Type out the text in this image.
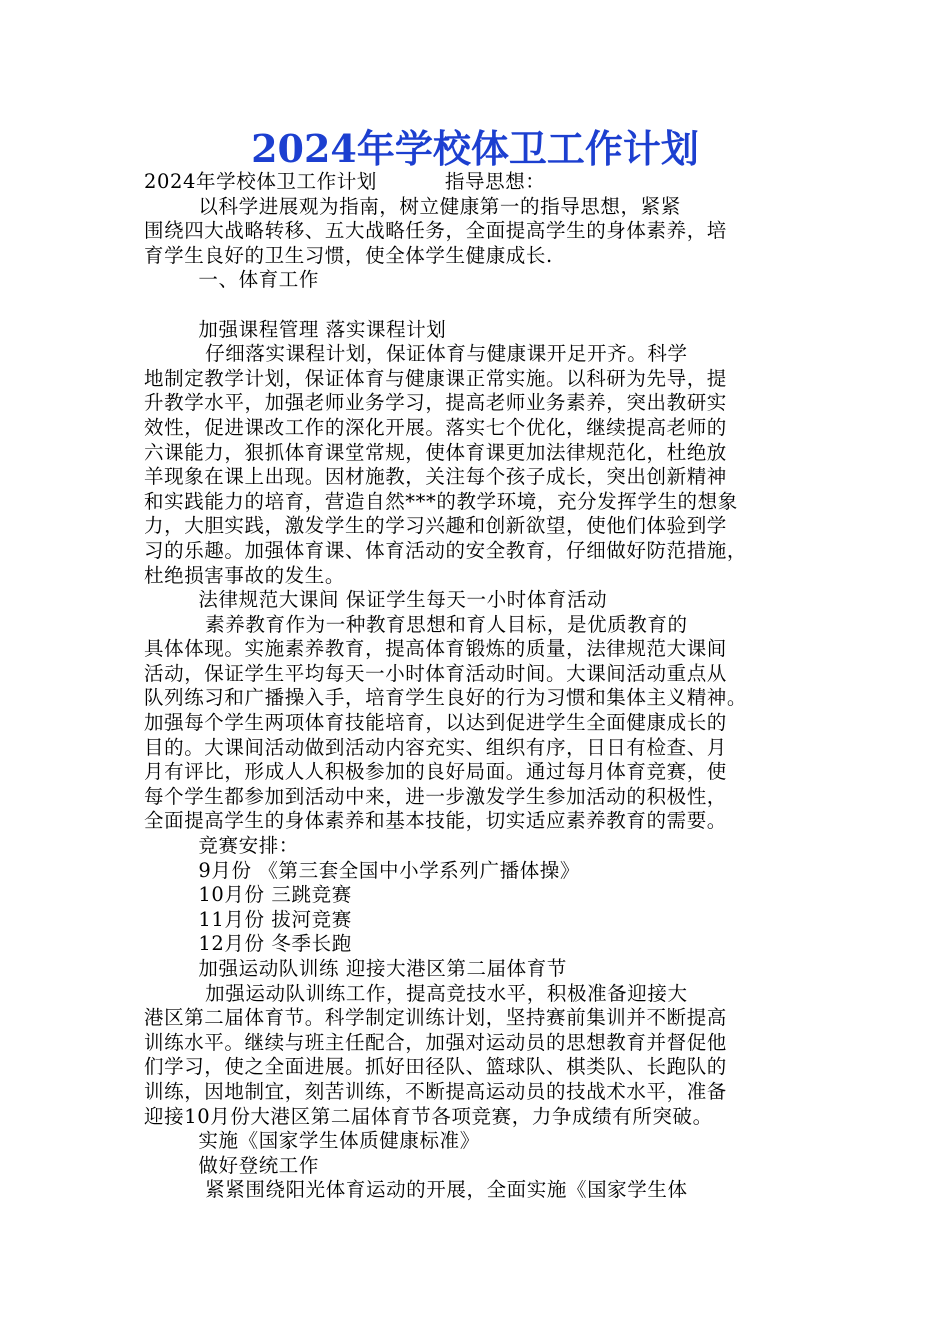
2024年学校体卫工作计划
2024年学校体卫工作计划          指导思想：
以科学进展观为指南，树立健康第一的指导思想，紧紧
围绕四大战略转移、五大战略任务，全面提高学生的身体素养，培
育学生良好的卫生习惯，使全体学生健康成长.
一、体育工作
加强课程管理 落实课程计划
仔细落实课程计划，保证体育与健康课开足开齐。科学
地制定教学计划，保证体育与健康课正常实施。以科研为先导，提
升教学水平，加强老师业务学习，提高老师业务素养，突出教研实
效性，促进课改工作的深化开展。落实七个优化，继续提高老师的
六课能力，狠抓体育课堂常规，使体育课更加法律规范化，杜绝放
羊现象在课上出现。因材施教，关注每个孩子成长，突出创新精神
和实践能力的培育，营造自然***的教学环境，充分发挥学生的想象
力，大胆实践，激发学生的学习兴趣和创新欲望，使他们体验到学
习的乐趣。加强体育课、体育活动的安全教育，仔细做好防范措施，
杜绝损害事故的发生。
法律规范大课间 保证学生每天一小时体育活动
素养教育作为一种教育思想和育人目标，是优质教育的
具体体现。实施素养教育，提高体育锻炼的质量，法律规范大课间
活动，保证学生平均每天一小时体育活动时间。大课间活动重点从
队列练习和广播操入手，培育学生良好的行为习惯和集体主义精神。
加强每个学生两项体育技能培育，以达到促进学生全面健康成长的
目的。大课间活动做到活动内容充实、组织有序，日日有检查、月
月有评比，形成人人积极参加的良好局面。通过每月体育竞赛，使
每个学生都参加到活动中来，进一步激发学生参加活动的积极性，
全面提高学生的身体素养和基本技能，切实适应素养教育的需要。
竞赛安排：
9月份 《第三套全国中小学系列广播体操》
10月份 三跳竞赛
11月份 拔河竞赛
12月份 冬季长跑
加强运动队训练 迎接大港区第二届体育节
加强运动队训练工作，提高竞技水平，积极准备迎接大
港区第二届体育节。科学制定训练计划，坚持赛前集训并不断提高
训练水平。继续与班主任配合，加强对运动员的思想教育并督促他
们学习，使之全面进展。抓好田径队、篮球队、棋类队、长跑队的
训练，因地制宜，刻苦训练，不断提高运动员的技战术水平，准备
迎接10月份大港区第二届体育节各项竞赛，力争成绩有所突破。
实施《国家学生体质健康标准》
做好登统工作
紧紧围绕阳光体育运动的开展，全面实施《国家学生体
